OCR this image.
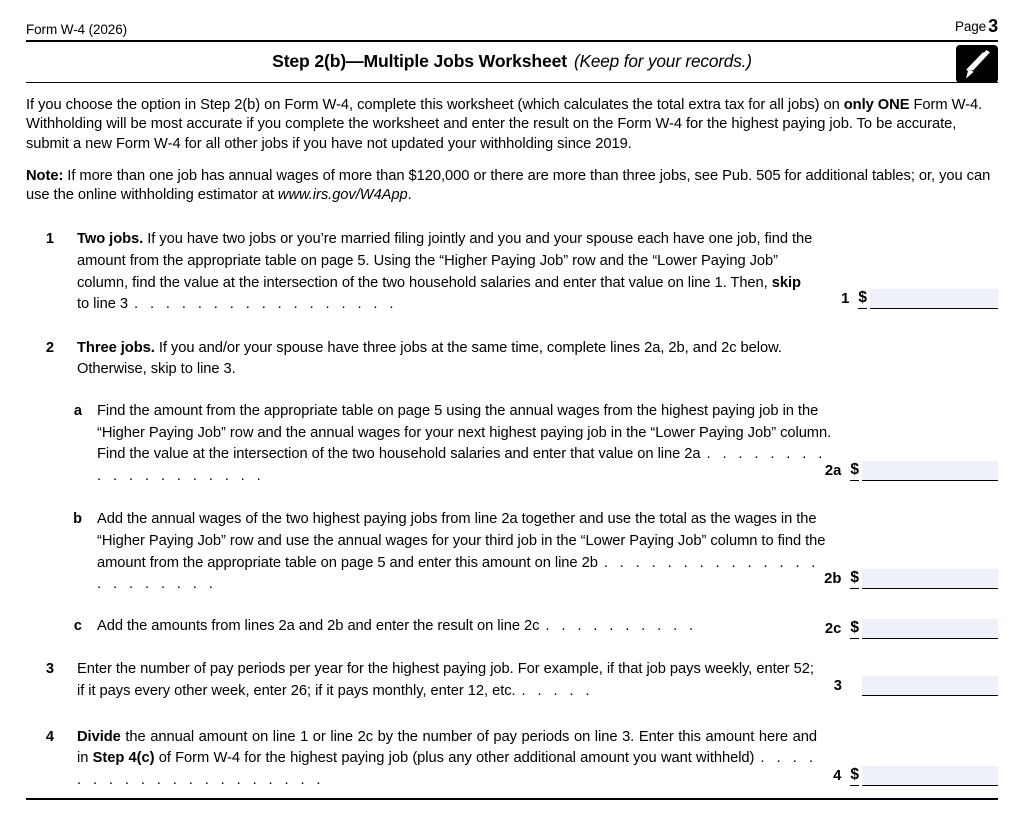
Form W-4 (2026)	Page 3
Step 2(b)—Multiple Jobs Worksheet (Keep for your records.)
If you choose the option in Step 2(b) on Form W-4, complete this worksheet (which calculates the total extra tax for all jobs) on only ONE Form W-4. Withholding will be most accurate if you complete the worksheet and enter the result on the Form W-4 for the highest paying job. To be accurate, submit a new Form W-4 for all other jobs if you have not updated your withholding since 2019.
Note: If more than one job has annual wages of more than $120,000 or there are more than three jobs, see Pub. 505 for additional tables; or, you can use the online withholding estimator at www.irs.gov/W4App.
1 Two jobs. If you have two jobs or you’re married filing jointly and you and your spouse each have one job, find the amount from the appropriate table on page 5. Using the “Higher Paying Job” row and the “Lower Paying Job” column, find the value at the intersection of the two household salaries and enter that value on line 1. Then, skip to line 3 . . . . . . . . . . . . . . . . .	1 $
2 Three jobs. If you and/or your spouse have three jobs at the same time, complete lines 2a, 2b, and 2c below. Otherwise, skip to line 3.
a Find the amount from the appropriate table on page 5 using the annual wages from the highest paying job in the “Higher Paying Job” row and the annual wages for your next highest paying job in the “Lower Paying Job” column. Find the value at the intersection of the two household salaries and enter that value on line 2a . . . . . . . . . . . . . . . . . . .	2a $
b Add the annual wages of the two highest paying jobs from line 2a together and use the total as the wages in the “Higher Paying Job” row and use the annual wages for your third job in the “Lower Paying Job” column to find the amount from the appropriate table on page 5 and enter this amount on line 2b . . . . . . . . . . . . . . . . . . . . . .	2b $
c Add the amounts from lines 2a and 2b and enter the result on line 2c . . . . . . . . . .	2c $
3 Enter the number of pay periods per year for the highest paying job. For example, if that job pays weekly, enter 52; if it pays every other week, enter 26; if it pays monthly, enter 12, etc. . . . . .	3
4 Divide the annual amount on line 1 or line 2c by the number of pay periods on line 3. Enter this amount here and in Step 4(c) of Form W-4 for the highest paying job (plus any other additional amount you want withheld) . . . . . . . . . . . . . . . . . . . .	4 $
